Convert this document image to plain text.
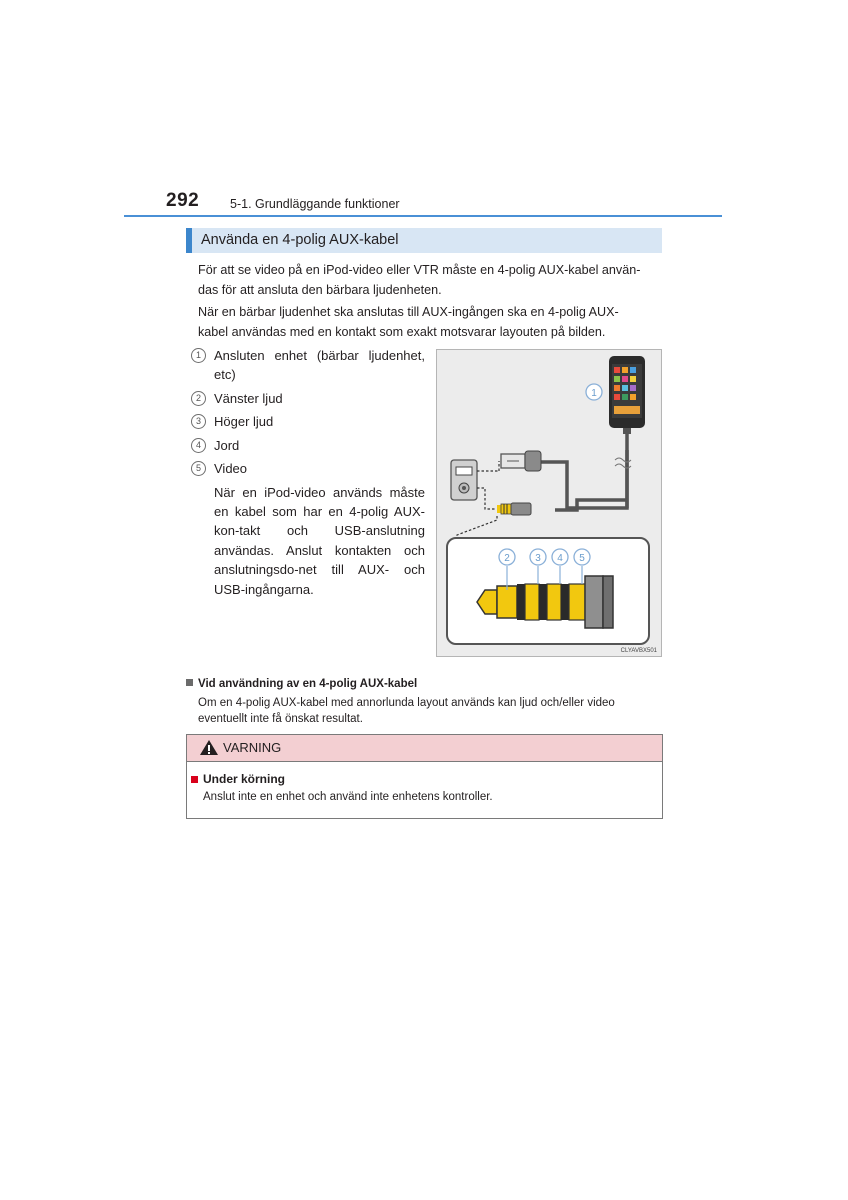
292 5-1. Grundläggande funktioner
Använda en 4-polig AUX-kabel
För att se video på en iPod-video eller VTR måste en 4-polig AUX-kabel använ-
das för att ansluta den bärbara ljudenheten.
När en bärbar ljudenhet ska anslutas till AUX-ingången ska en 4-polig AUX-
kabel användas med en kontakt som exakt motsvarar layouten på bilden.
1	Ansluten enhet (bärbar ljudenhet, etc)
2	Vänster ljud
3	Höger ljud
4	Jord
5	Video
När en iPod-video används måste en kabel som har en 4-polig AUX-kon-takt och USB-anslutning användas. Anslut kontakten och anslutningsdo-net till AUX- och USB-ingångarna.
1
2	3 4 5
CLYAVBX501
Vid användning av en 4-polig AUX-kabel
Om en 4-polig AUX-kabel med annorlunda layout används kan ljud och/eller video
eventuellt inte få önskat resultat.
VARNING
Under körning
Anslut inte en enhet och använd inte enhetens kontroller.
